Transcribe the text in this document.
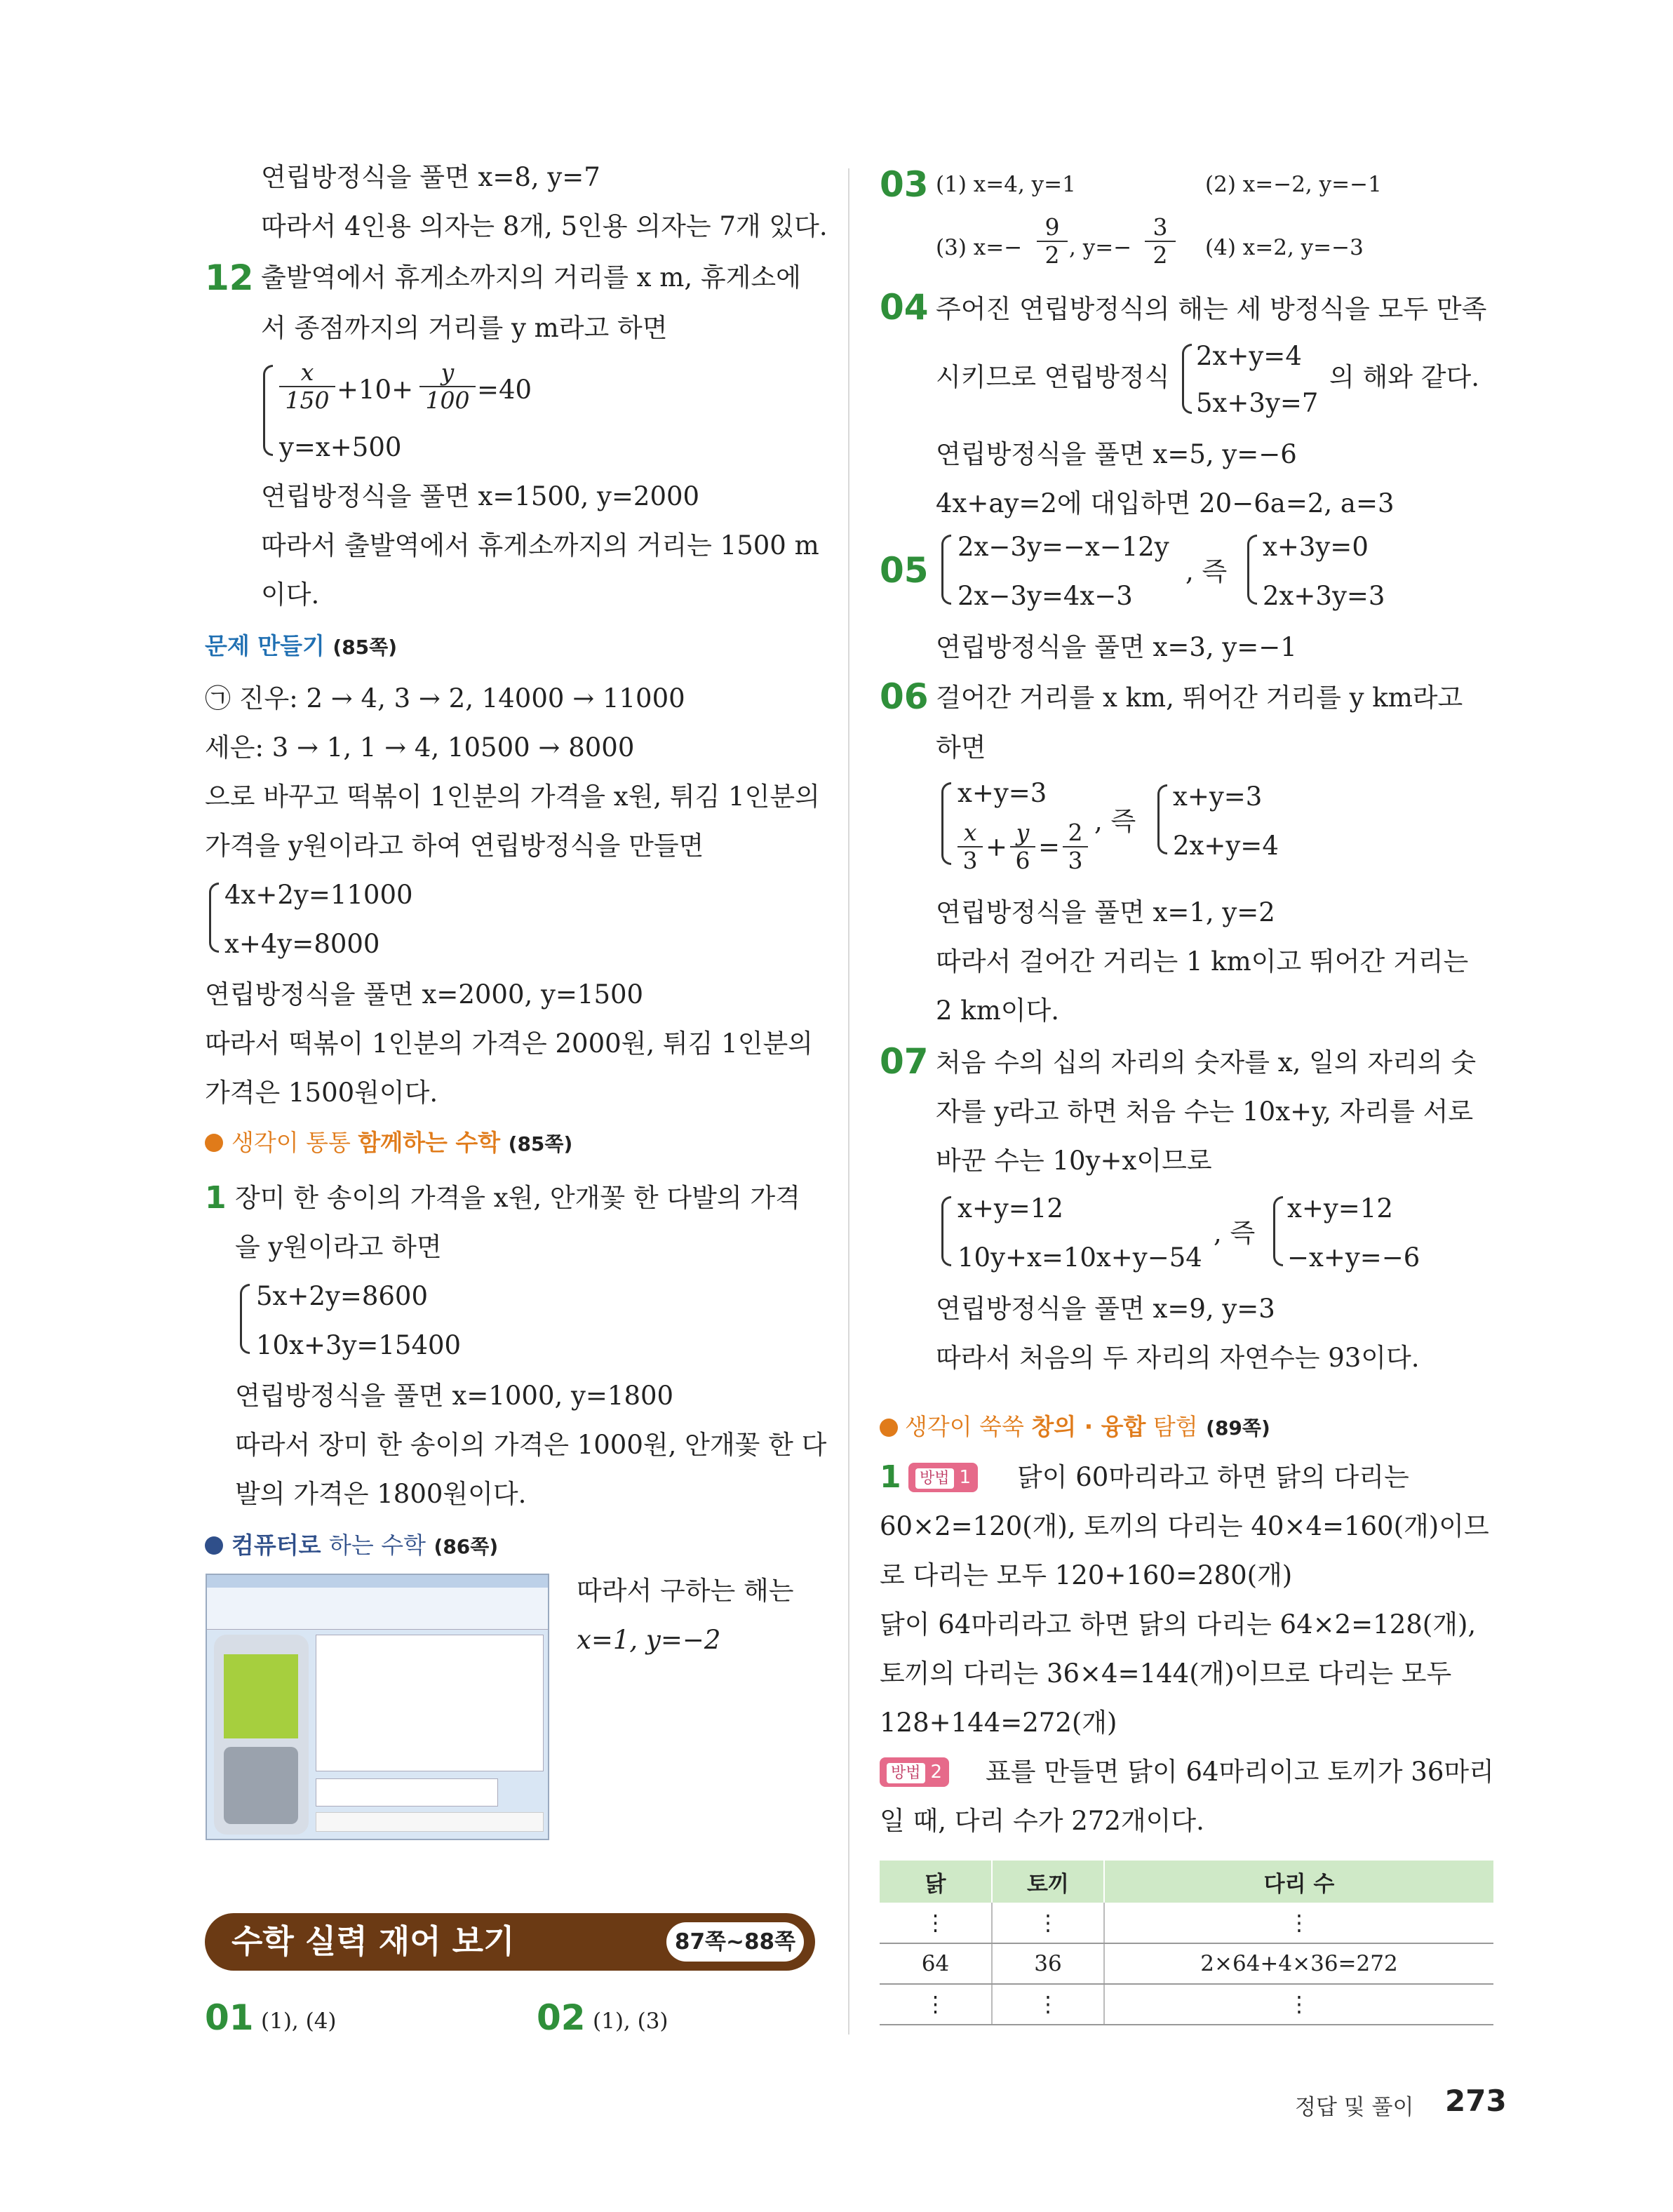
연립방정식을 풀면 x=8, y=7
따라서 4인용 의자는 8개, 5인용 의자는 7개 있다.
12 출발역에서 휴게소까지의 거리를 x m, 휴게소에
서 종점까지의 거리를 y m라고 하면
$\frac{x}{150} +10+ \frac{y}{100} =40$
y=x+500
연립방정식을 풀면 x=1500, y=2000
따라서 출발역에서 휴게소까지의 거리는 1500 m
이다.
문제 만들기 (85쪽)
㉠ 진우: 2 → 4, 3 → 2, 14000 → 11000
세은: 3 → 1, 1 → 4, 10500 → 8000
으로 바꾸고 떡볶이 1인분의 가격을 x원, 튀김 1인분의
가격을 y원이라고 하여 연립방정식을 만들면
4x+2y=11000
x+4y=8000
연립방정식을 풀면 x=2000, y=1500
따라서 떡볶이 1인분의 가격은 2000원, 튀김 1인분의
가격은 1500원이다.
생각이 통통 함께하는 수학 (85쪽)
1 장미 한 송이의 가격을 x원, 안개꽃 한 다발의 가격
을 y원이라고 하면
5x+2y=8600
10x+3y=15400
연립방정식을 풀면 x=1000, y=1800
따라서 장미 한 송이의 가격은 1000원, 안개꽃 한 다
발의 가격은 1800원이다.
컴퓨터로 하는 수학 (86쪽)
따라서 구하는 해는
x=1, y=−2
수학 실력 재어 보기	87쪽~88쪽
01 (1), (4)	02 (1), (3)
03 (1) x=4, y=1	(2) x=−2, y=−1
(3) $x=- \frac{9}{2}$ , $y=- \frac{3}{2} (4)$ x=2, y=−3
04 주어진 연립방정식의 해는 세 방정식을 모두 만족
시키므로 연립방정식
2x+y=4
5x+3y=7
의 해와 같다.
연립방정식을 풀면 x=5, y=−6
4x+ay=2에 대입하면 20−6a=2, a=3
05
2x−3y=−x−12y
2x−3y=4x−3
, 즉
x+3y=0
2x+3y=3
연립방정식을 풀면 x=3, y=−1
06 걸어간 거리를 x km, 뛰어간 거리를 y km라고
하면
x+y=3
$\frac{x}{3} + \frac{y}{6} = \frac{2}{3}$ , 즉
x+y=3
2x+y=4
연립방정식을 풀면 x=1, y=2
따라서 걸어간 거리는 1 km이고 뛰어간 거리는
2 km이다.
07 처음 수의 십의 자리의 숫자를 x, 일의 자리의 숫
자를 y라고 하면 처음 수는 10x+y, 자리를 서로
바꾼 수는 10y+x이므로
x+y=12
10y+x=10x+y−54
, 즉
x+y=12
−x+y=−6
연립방정식을 풀면 x=9, y=3
따라서 처음의 두 자리의 자연수는 93이다.
생각이 쑥쑥 창의 · 융합 탐험 (89쪽)
1	방법 1 닭이 60마리라고 하면 닭의 다리는
60×2=120(개), 토끼의 다리는 40×4=160(개)이므
로 다리는 모두 120+160=280(개)
닭이 64마리라고 하면 닭의 다리는 64×2=128(개),
토끼의 다리는 36×4=144(개)이므로 다리는 모두
128+144=272(개)
방법 2 표를 만들면 닭이 64마리이고 토끼가 36마리
일 때, 다리 수가 272개이다.
닭	토끼	다리 수
⋮	⋮	⋮
64	36	2×64+4×36=272
⋮	⋮	⋮
정답 및 풀이 273
